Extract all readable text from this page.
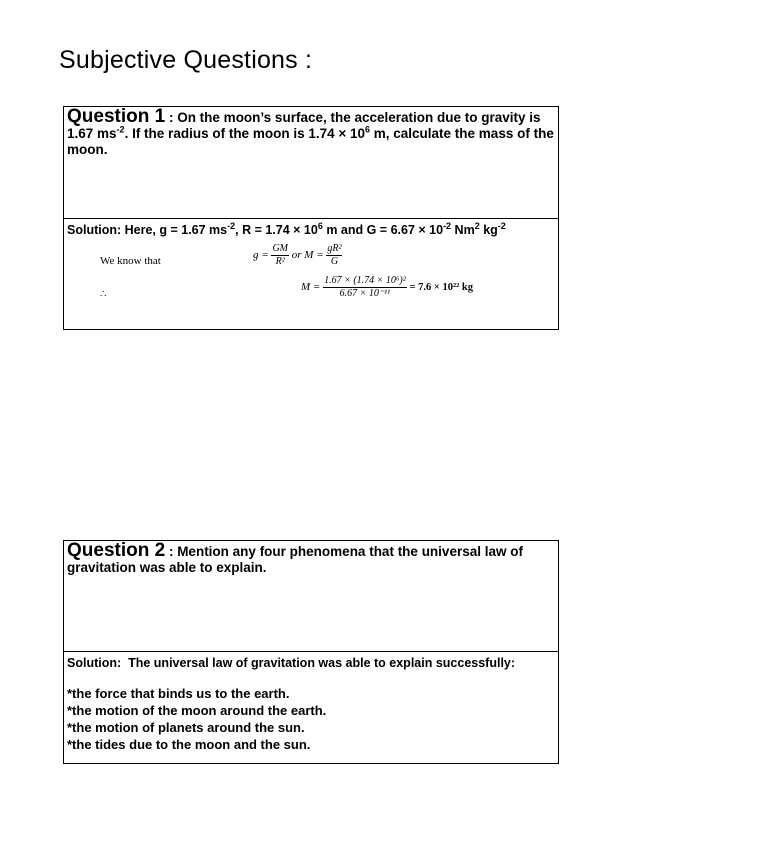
Subjective Questions :
Question 1 : On the moon’s surface, the acceleration due to gravity is 1.67 $ms^{-2}$. If the radius of the moon is $1.74 \times 10^6$ m, calculate the mass of the moon.
Solution: Here, g = 1.67 $ms^{-2}$, $R = 1.74 \times 10^6$ m and $G = 6.67 \times 10^{-2}$ Nm$^2$ $kg^{-2}$
We know that
∴
$g = \frac{GM}{\text{R²}}$ or $M = \frac{\text{gR²}}{G}$
$M = \frac{\text{1.67 × (1.74 × 10⁶)²}}{\text{6.67 × 10⁻¹¹}} = 7.6 \times 10^{22}$ kg
Question 2 : Mention any four phenomena that the universal law of gravitation was able to explain.
Solution:  The universal law of gravitation was able to explain successfully:
*the force that binds us to the earth.
*the motion of the moon around the earth.
*the motion of planets around the sun.
*the tides due to the moon and the sun.
